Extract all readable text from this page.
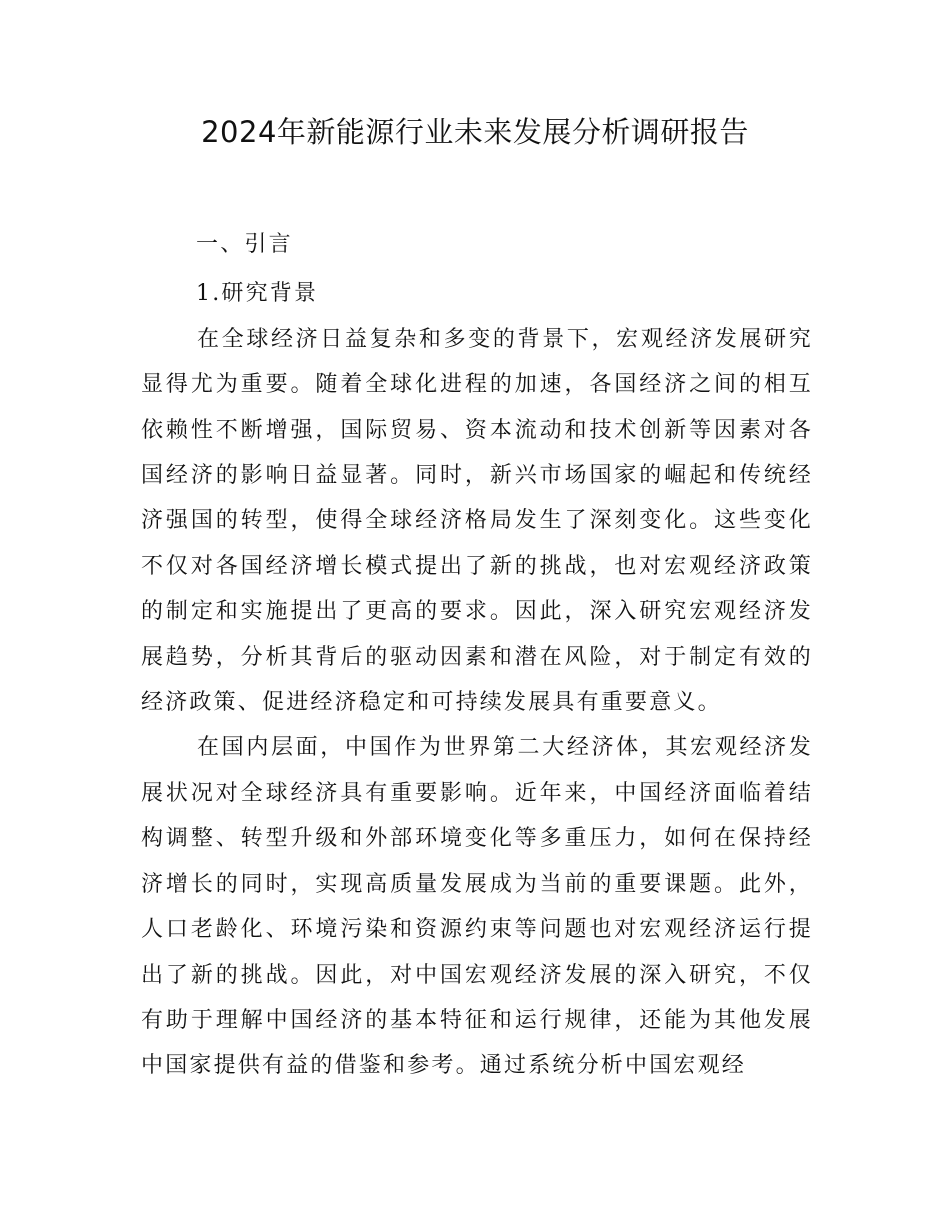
2024年新能源行业未来发展分析调研报告
一、引言
1.研究背景

在全球经济日益复杂和多变的背景下，宏观经济发展研究显得尤为重要。随着全球化进程的加速，各国经济之间的相互依赖性不断增强，国际贸易、资本流动和技术创新等因素对各国经济的影响日益显著。同时，新兴市场国家的崛起和传统经济强国的转型，使得全球经济格局发生了深刻变化。这些变化不仅对各国经济增长模式提出了新的挑战，也对宏观经济政策的制定和实施提出了更高的要求。因此，深入研究宏观经济发展趋势，分析其背后的驱动因素和潜在风险，对于制定有效的经济政策、促进经济稳定和可持续发展具有重要意义。

在国内层面，中国作为世界第二大经济体，其宏观经济发展状况对全球经济具有重要影响。近年来，中国经济面临着结构调整、转型升级和外部环境变化等多重压力，如何在保持经济增长的同时，实现高质量发展成为当前的重要课题。此外，人口老龄化、环境污染和资源约束等问题也对宏观经济运行提出了新的挑战。因此，对中国宏观经济发展的深入研究，不仅有助于理解中国经济的基本特征和运行规律，还能为其他发展中国家提供有益的借鉴和参考。通过系统分析中国宏观经
